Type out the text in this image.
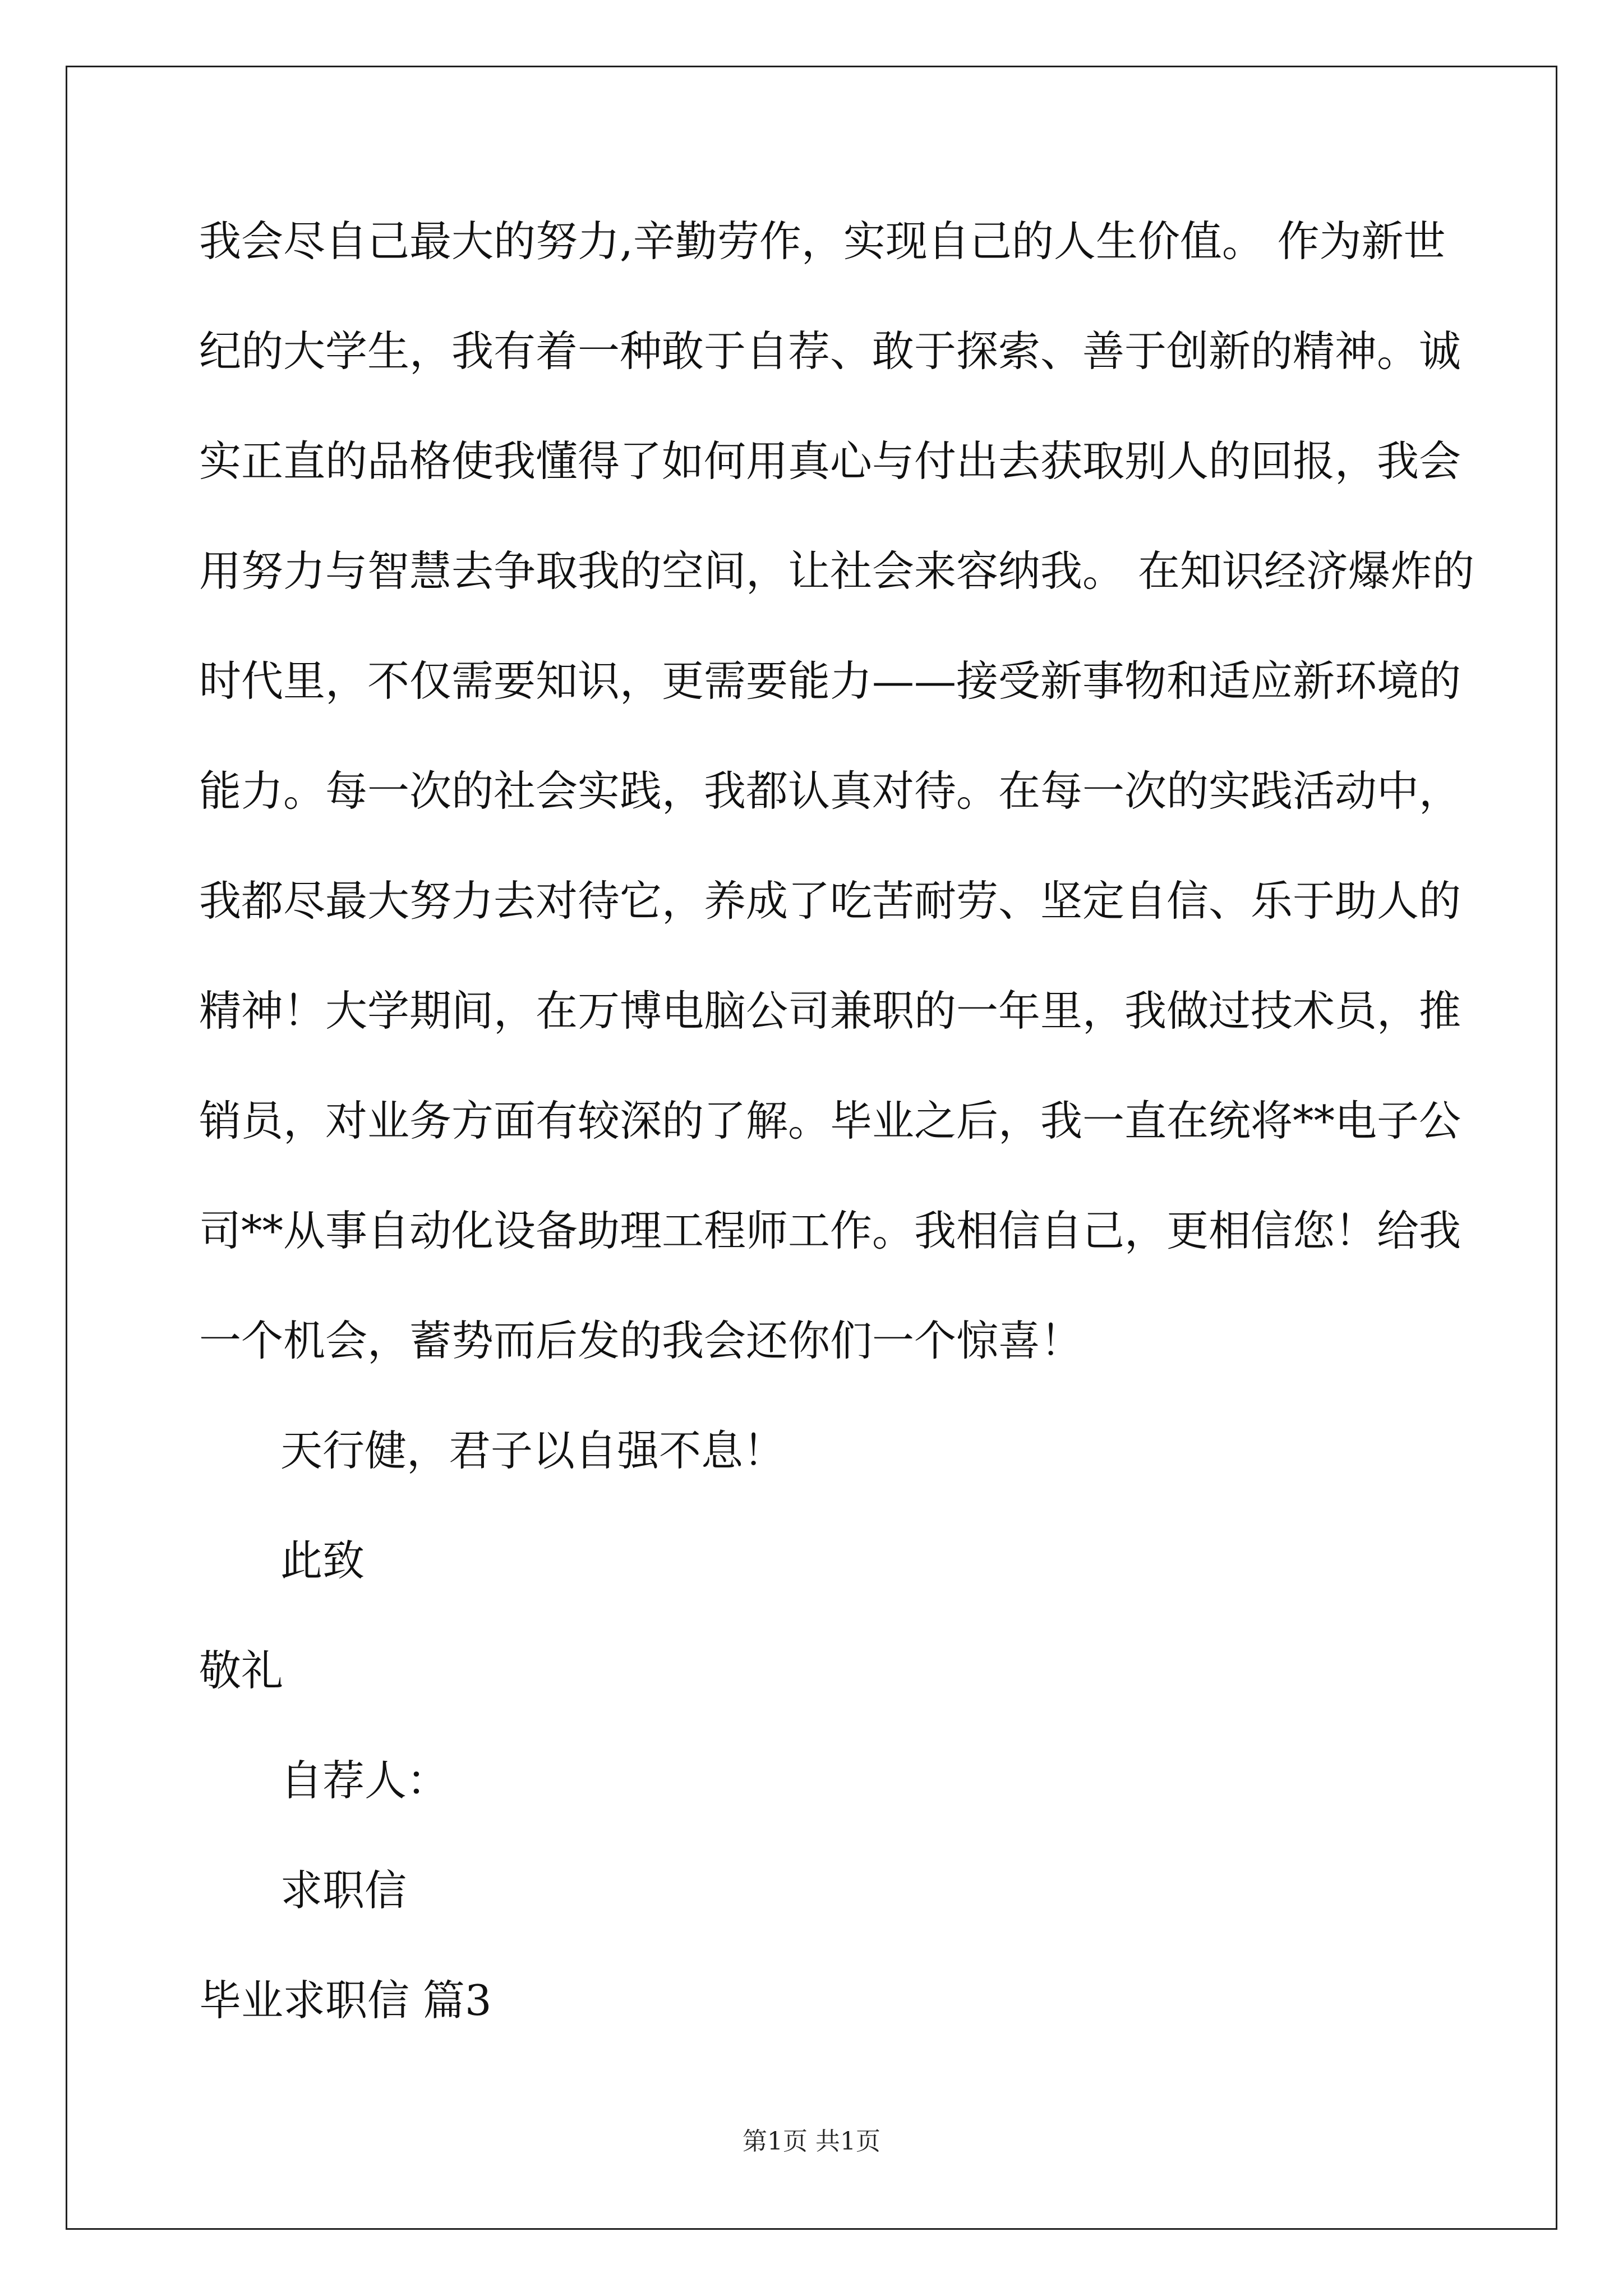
我会尽自己最大的努力,辛勤劳作，实现自己的人生价值。 作为新世
纪的大学生，我有着一种敢于自荐、敢于探索、善于创新的精神。诚
实正直的品格使我懂得了如何用真心与付出去获取别人的回报，我会
用努力与智慧去争取我的空间，让社会来容纳我。 在知识经济爆炸的
时代里，不仅需要知识，更需要能力——接受新事物和适应新环境的
能力。每一次的社会实践，我都认真对待。在每一次的实践活动中，
我都尽最大努力去对待它，养成了吃苦耐劳、坚定自信、乐于助人的
精神！大学期间，在万博电脑公司兼职的一年里，我做过技术员，推
销员，对业务方面有较深的了解。毕业之后，我一直在统将**电子公
司**从事自动化设备助理工程师工作。我相信自己，更相信您！给我
一个机会，蓄势而后发的我会还你们一个惊喜！
天行健，君子以自强不息！
此致
敬礼
自荐人：
求职信
毕业求职信 篇3
第1页 共1页
